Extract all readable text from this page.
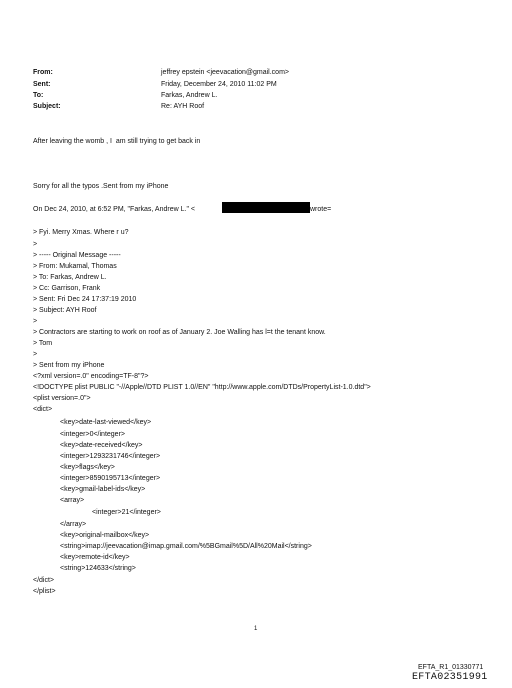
From:	jeffrey epstein <jeevacation@gmail.com>
Sent:	Friday, December 24, 2010 11:02 PM
To:	Farkas, Andrew L.
Subject:	Re: AYH Roof
After leaving the womb , I  am still trying to get back in
Sorry for all the typos .Sent from my iPhone
On Dec 24, 2010, at 6:52 PM, "Farkas, Andrew L." <	wrote=
> Fyi. Merry Xmas. Where r u?
>
> ----- Original Message -----
> From: Mukamal, Thomas
> To: Farkas, Andrew L.
> Cc: Garrison, Frank
> Sent: Fri Dec 24 17:37:19 2010
> Subject: AYH Roof
>
> Contractors are starting to work on roof as of January 2. Joe Walling has l=t the tenant know.
> Tom
>
> Sent from my iPhone
<?xml version=.0" encoding=TF-8"?>
<!DOCTYPE plist PUBLIC "-//Apple//DTD PLIST 1.0//EN" "http://www.apple.com/DTDs/PropertyList-1.0.dtd">
<plist version=.0">
<dict>
<key>date-last-viewed</key>
<integer>0</integer>
<key>date-received</key>
<integer>1293231746</integer>
<key>flags</key>
<integer>8590195713</integer>
<key>gmail-label-ids</key>
<array>
<integer>21</integer>
</array>
<key>original-mailbox</key>
<string>imap://jeevacation@imap.gmail.com/%5BGmail%5D/All%20Mail</string>
<key>remote-id</key>
<string>124633</string>
</dict>
</plist>
1
EFTA_R1_01330771
EFTA02351991
